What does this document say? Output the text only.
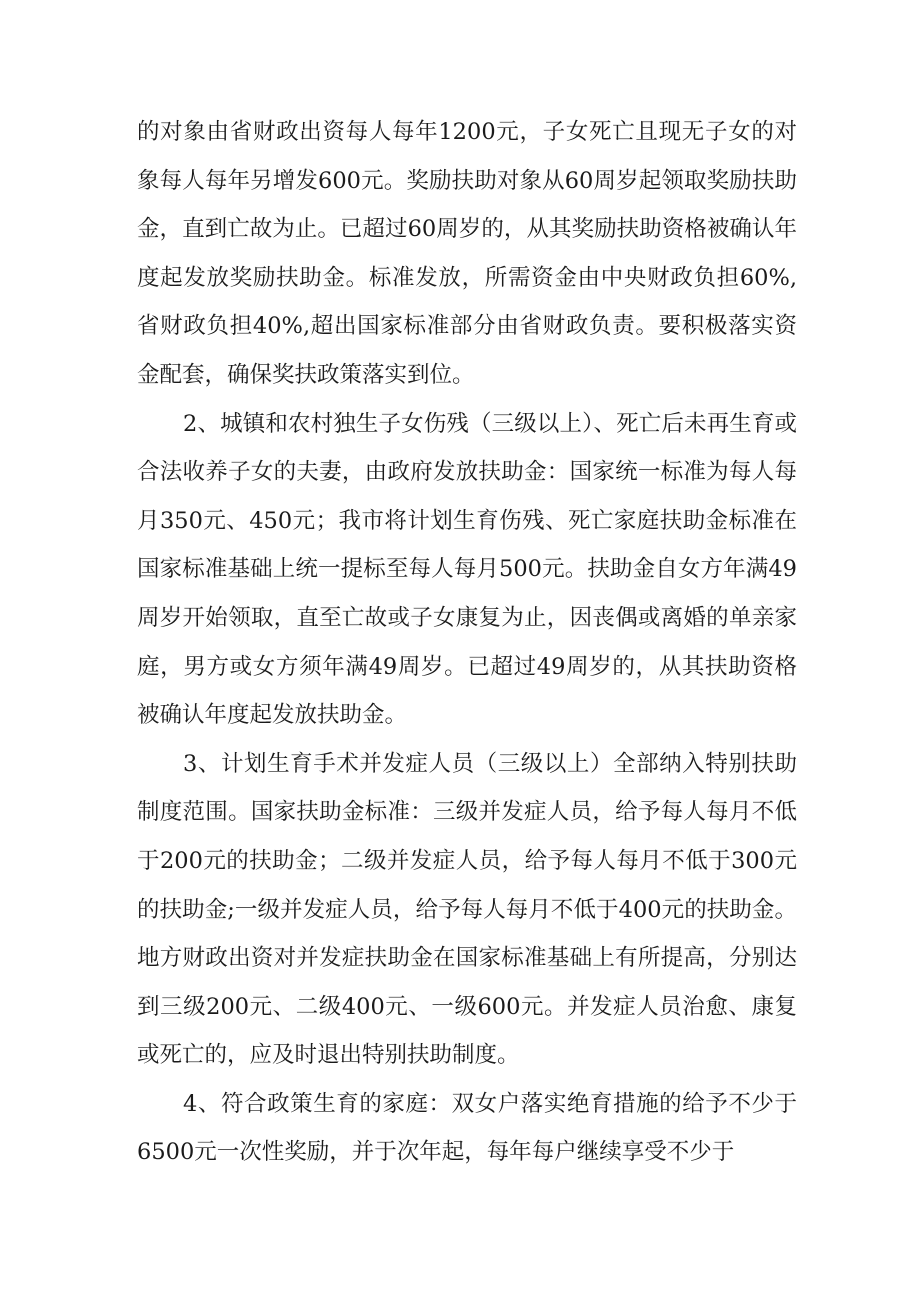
的对象由省财政出资每人每年1200元，子女死亡且现无子女的对象每人每年另增发600元。奖励扶助对象从60周岁起领取奖励扶助金，直到亡故为止。已超过60周岁的，从其奖励扶助资格被确认年度起发放奖励扶助金。标准发放，所需资金由中央财政负担60%,省财政负担40%,超出国家标准部分由省财政负责。要积极落实资金配套，确保奖扶政策落实到位。

2、城镇和农村独生子女伤残（三级以上）、死亡后未再生育或合法收养子女的夫妻，由政府发放扶助金：国家统一标准为每人每月350元、450元；我市将计划生育伤残、死亡家庭扶助金标准在国家标准基础上统一提标至每人每月500元。扶助金自女方年满49周岁开始领取，直至亡故或子女康复为止，因丧偶或离婚的单亲家庭，男方或女方须年满49周岁。已超过49周岁的，从其扶助资格被确认年度起发放扶助金。

3、计划生育手术并发症人员（三级以上）全部纳入特别扶助制度范围。国家扶助金标准：三级并发症人员，给予每人每月不低于200元的扶助金；二级并发症人员，给予每人每月不低于300元的扶助金;一级并发症人员，给予每人每月不低于400元的扶助金。地方财政出资对并发症扶助金在国家标准基础上有所提高，分别达到三级200元、二级400元、一级600元。并发症人员治愈、康复或死亡的，应及时退出特别扶助制度。

4、符合政策生育的家庭：双女户落实绝育措施的给予不少于6500元一次性奖励，并于次年起，每年每户继续享受不少于
